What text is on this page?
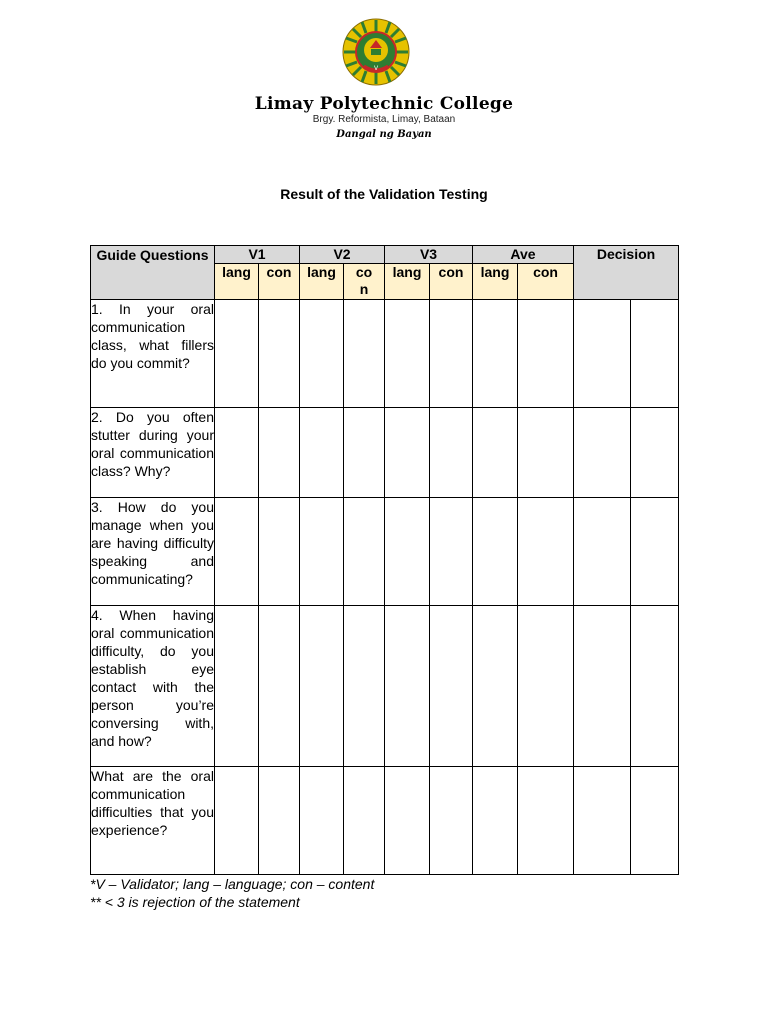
V
Limay Polytechnic College
Brgy. Reformista, Limay, Bataan
Dangal ng Bayan
Result of the Validation Testing
Guide Questions	V1		V2		V3		Ave		Decision	
	lang	con	lang	co n	lang	con	lang	con		
1. In your oral communication class, what fillers do you commit?										
2. Do you often stutter during your oral communication class? Why?										
3. How do you manage when you are having difficulty speaking and communicating?										
4. When having oral communication difficulty, do you establish eye contact with the person you’re conversing with, and how?										
What are the oral communication difficulties that you experience?										
*V – Validator; lang – language; con – content
** < 3 is rejection of the statement
